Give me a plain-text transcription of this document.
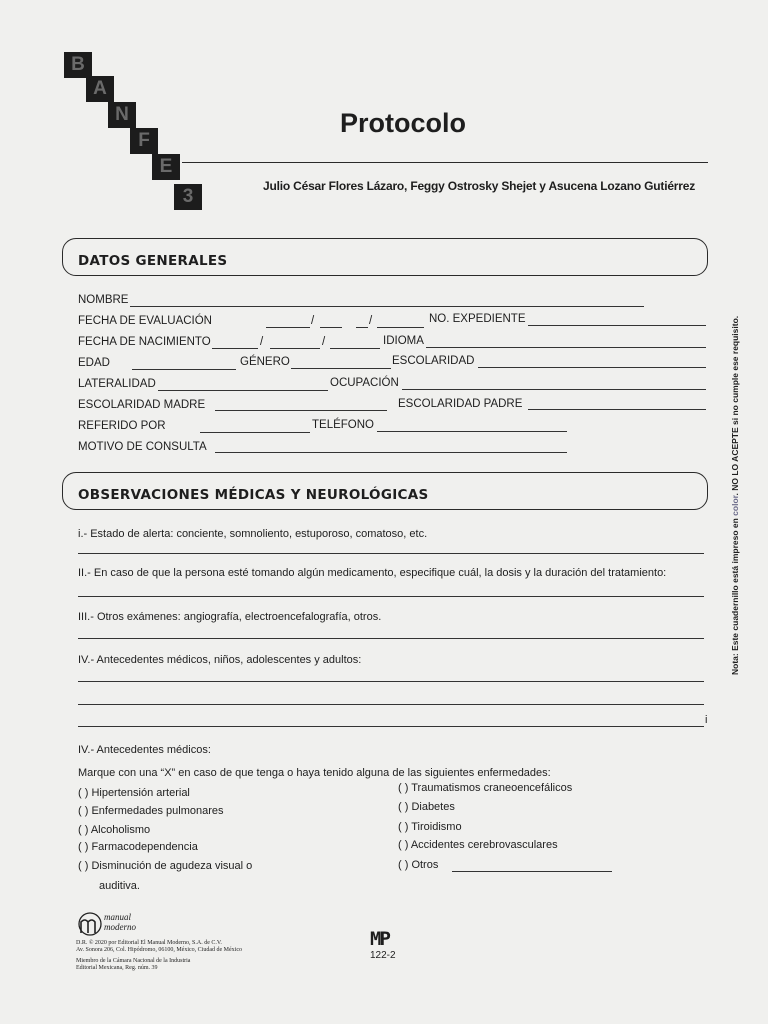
B
A
N
F
E
3
Protocolo
Julio César Flores Lázaro, Feggy Ostrosky Shejet y Asucena Lozano Gutiérrez
DATOS GENERALES
NOMBRE
FECHA DE EVALUACIÓN	/	/	NO. EXPEDIENTE
FECHA DE NACIMIENTO	/	/	IDIOMA
EDAD	GÉNERO	ESCOLARIDAD
LATERALIDAD	OCUPACIÓN
ESCOLARIDAD MADRE	ESCOLARIDAD PADRE
REFERIDO POR	TELÉFONO
MOTIVO DE CONSULTA
OBSERVACIONES MÉDICAS Y NEUROLÓGICAS
i.- Estado de alerta: conciente, somnoliento, estuporoso, comatoso, etc.
II.- En caso de que la persona esté tomando algún medicamento, especifique cuál, la dosis y la duración del tratamiento:
III.- Otros exámenes: angiografía, electroencefalografía, otros.
IV.- Antecedentes médicos, niños, adolescentes y adultos:
i
IV.- Antecedentes médicos:
Marque con una “X” en caso de que tenga o haya tenido alguna de las siguientes enfermedades:
( ) Hipertensión arterial
( ) Enfermedades pulmonares
( ) Alcoholismo
( ) Farmacodependencia
( ) Disminución de agudeza visual o
auditiva.
( ) Traumatismos craneoencefálicos
( ) Diabetes
( ) Tiroidismo
( ) Accidentes cerebrovasculares
( ) Otros
Nota: Este cuadernillo está impreso en color. NO LO ACEPTE si no cumple ese requisito.
manual
moderno
D.R. © 2020 por Editorial El Manual Moderno, S.A. de C.V.
Av. Sonora 206, Col. Hipódromo, 06100, México, Ciudad de México
Miembro de la Cámara Nacional de la Industria
Editorial Mexicana, Reg. núm. 39
MP
122-2
